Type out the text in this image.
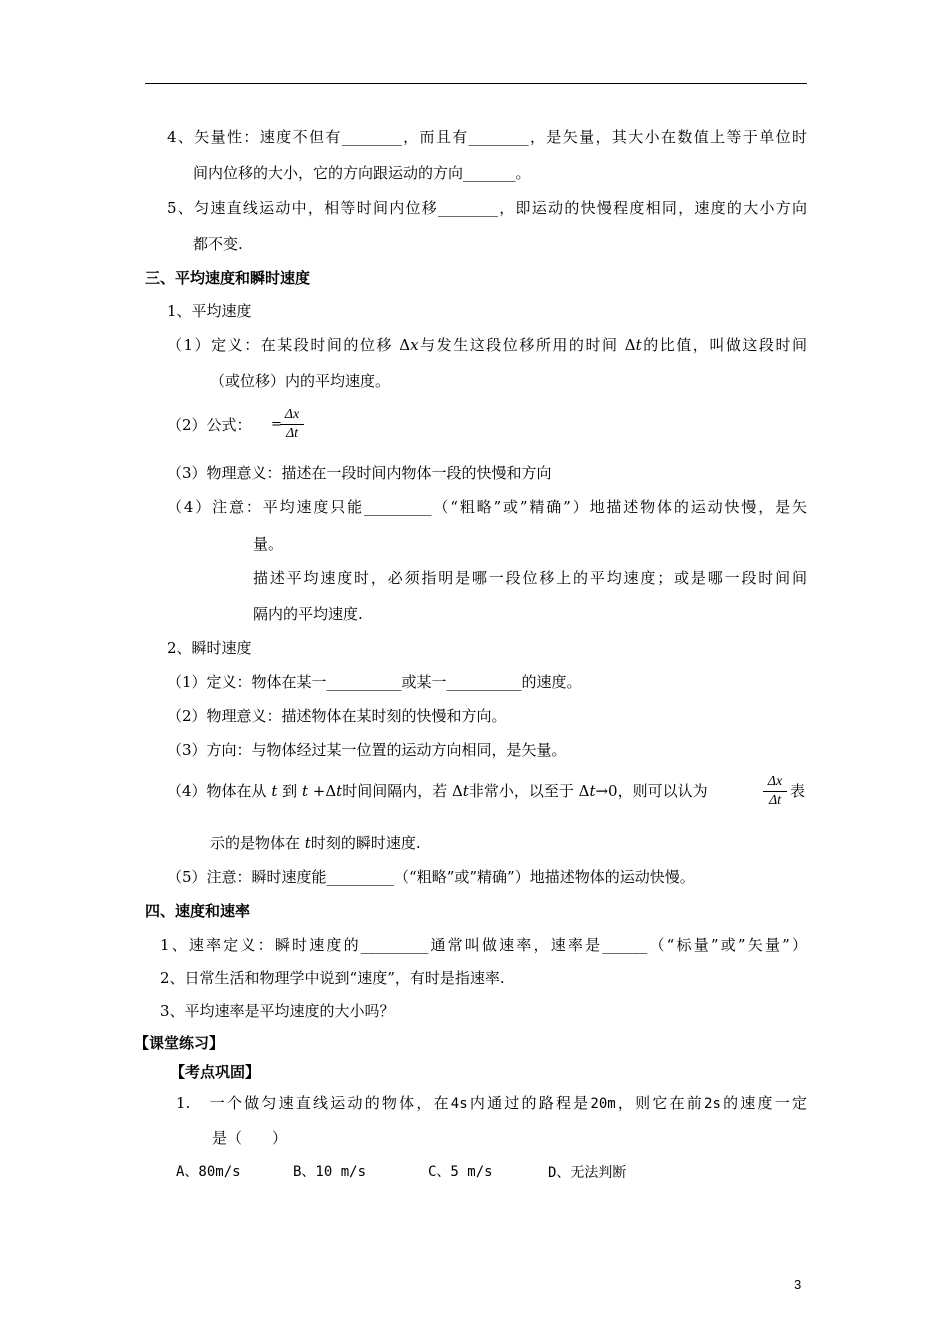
4、矢量性：速度不但有________，而且有________，是矢量，其大小在数值上等于单位时
间内位移的大小，它的方向跟运动的方向_______。
5、匀速直线运动中，相等时间内位移________，即运动的快慢程度相同，速度的大小方向
都不变.
三、平均速度和瞬时速度
1、平均速度
（1）定义：在某段时间的位移 Δx与发生这段位移所用的时间 Δt的比值，叫做这段时间
（或位移）内的平均速度。
（2）公式： =
Δx
Δt
（3）物理意义：描述在一段时间内物体一段的快慢和方向
（4）注意：平均速度只能_________（“粗略”或”精确”）地描述物体的运动快慢，是矢
量。
描述平均速度时，必须指明是哪一段位移上的平均速度；或是哪一段时间间
隔内的平均速度.
2、瞬时速度
（1）定义：物体在某一__________或某一__________的速度。
（2）物理意义：描述物体在某时刻的快慢和方向。
（3）方向：与物体经过某一位置的运动方向相同，是矢量。
（4）物体在从 t 到 t +Δt时间间隔内，若 Δt非常小，以至于 Δt→0，则可以认为
Δx
Δt
表
示的是物体在 t时刻的瞬时速度.
（5）注意：瞬时速度能_________（“粗略”或”精确”）地描述物体的运动快慢。
四、速度和速率
1、速率定义：瞬时速度的_________通常叫做速率，速率是______（“标量”或”矢量”）
2、日常生活和物理学中说到“速度”，有时是指速率.
3、平均速率是平均速度的大小吗？
【课堂练习】
【考点巩固】
1.　一个做匀速直线运动的物体，在4s内通过的路程是20m，则它在前2s的速度一定
是（　　）
A、80m/s	B、10 m/s	C、5 m/s	D、无法判断
3
